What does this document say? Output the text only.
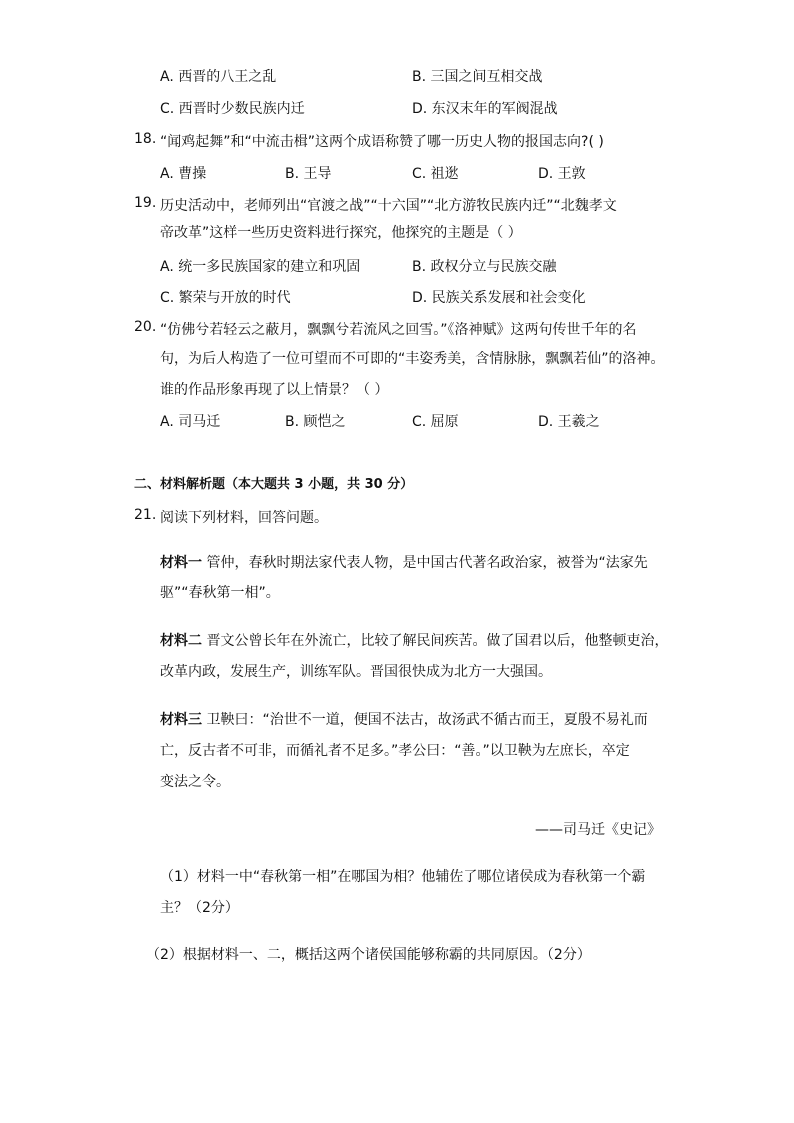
A. 西晋的八王之乱	B. 三国之间互相交战
C. 西晋时少数民族内迁	D. 东汉末年的军阀混战
18. “闻鸡起舞”和“中流击楫”这两个成语称赞了哪一历史人物的报国志向?( )
A. 曹操	B. 王导	C. 祖逖	D. 王敦
19. 历史活动中，老师列出“官渡之战”“十六国”“北方游牧民族内迁”“北魏孝文
帝改革”这样一些历史资料进行探究，他探究的主题是（ ）
A. 统一多民族国家的建立和巩固	B. 政权分立与民族交融
C. 繁荣与开放的时代	D. 民族关系发展和社会变化
20. “仿佛兮若轻云之蔽月，飘飘兮若流风之回雪。”《洛神赋》这两句传世千年的名
句，为后人构造了一位可望而不可即的“丰姿秀美，含情脉脉，飘飘若仙”的洛神。
谁的作品形象再现了以上情景？（ ）
A. 司马迁	B. 顾恺之	C. 屈原	D. 王羲之
二、材料解析题（本大题共 3 小题，共 30 分）
21. 阅读下列材料，回答问题。
材料一 管仲，春秋时期法家代表人物，是中国古代著名政治家，被誉为“法家先
驱”“春秋第一相”。
材料二 晋文公曾长年在外流亡，比较了解民间疾苦。做了国君以后，他整顿吏治，
改革内政，发展生产，训练军队。晋国很快成为北方一大强国。
材料三 卫鞅曰：“治世不一道，便国不法古，故汤武不循古而王，夏殷不易礼而
亡，反古者不可非，而循礼者不足多。”孝公曰：“善。”以卫鞅为左庶长，卒定
变法之令。
——司马迁《史记》
（1）材料一中“春秋第一相”在哪国为相？他辅佐了哪位诸侯成为春秋第一个霸
主？（2分）
（2）根据材料一、二，概括这两个诸侯国能够称霸的共同原因。（2分）
